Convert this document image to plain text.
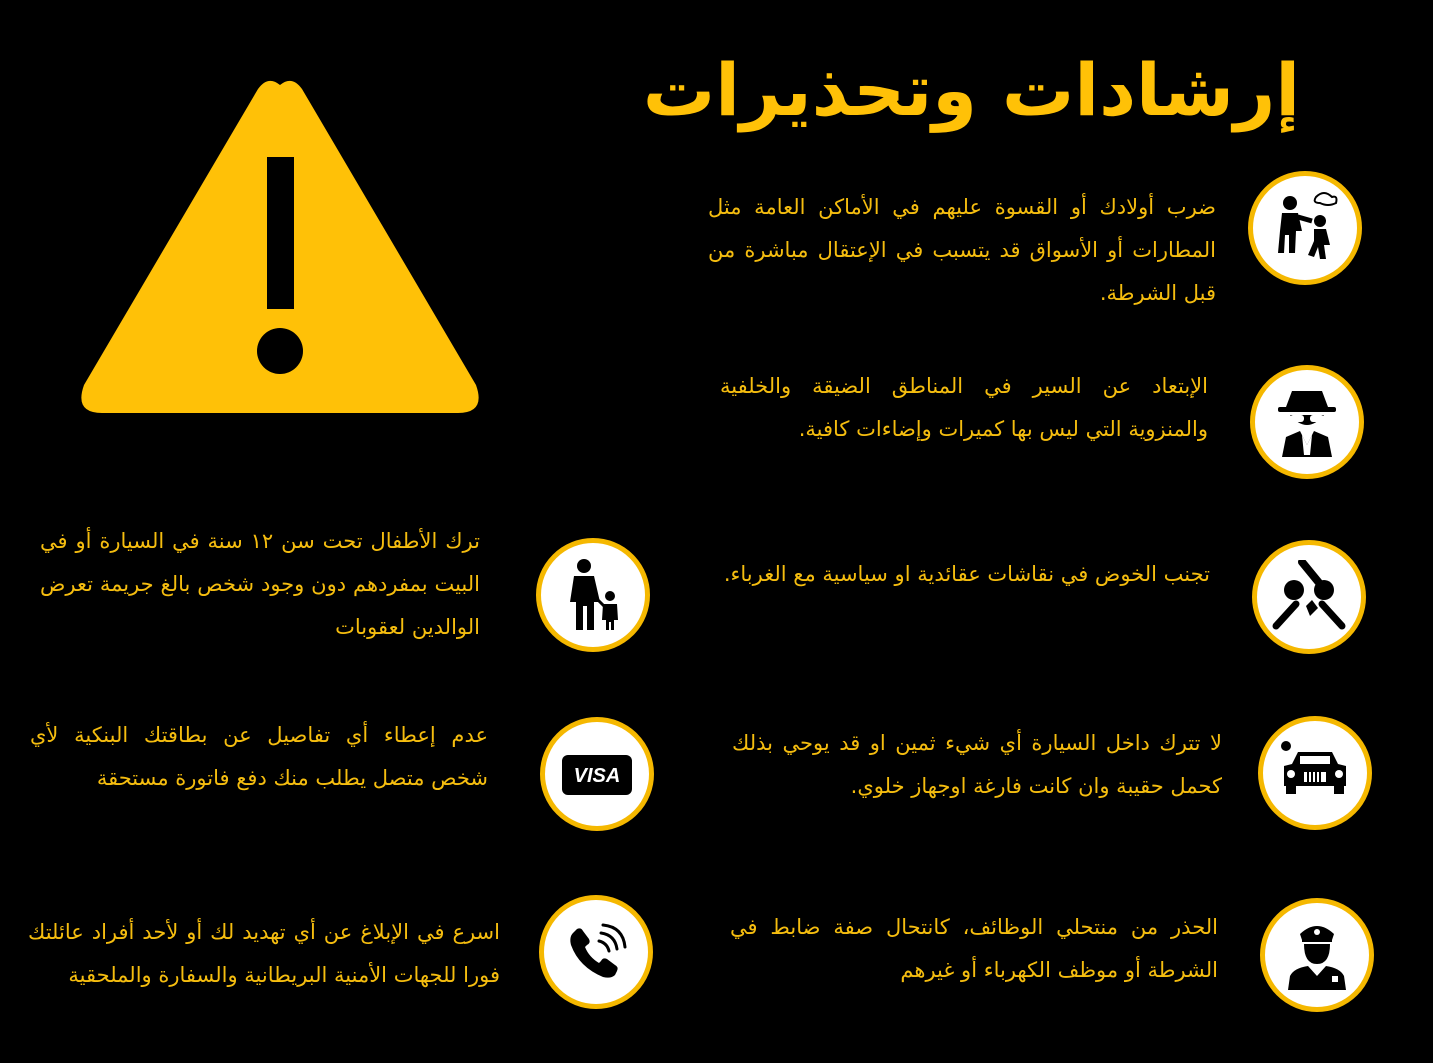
إرشادات وتحذيرات
ضرب أولادك أو القسوة عليهم في الأماكن العامة مثل المطارات أو الأسواق قد يتسبب في الإعتقال مباشرة من قبل الشرطة.
الإبتعاد عن السير في المناطق الضيقة والخلفية والمنزوية التي ليس بها كميرات وإضاءات كافية.
تجنب الخوض في نقاشات عقائدية او سياسية مع الغرباء.
لا تترك داخل السيارة أي شيء ثمين او قد يوحي بذلك كحمل حقيبة وان كانت فارغة اوجهاز خلوي.
الحذر من منتحلي الوظائف، كانتحال صفة ضابط في الشرطة أو موظف الكهرباء أو غيرهم
ترك الأطفال تحت سن ١٢ سنة في السيارة أو في البيت بمفردهم دون وجود شخص بالغ جريمة تعرض الوالدين لعقوبات
عدم إعطاء أي تفاصيل عن بطاقتك البنكية لأي شخص متصل يطلب منك دفع فاتورة مستحقة	VISA
اسرع في الإبلاغ عن أي تهديد لك أو لأحد أفراد عائلتك فورا للجهات الأمنية البريطانية والسفارة والملحقية
